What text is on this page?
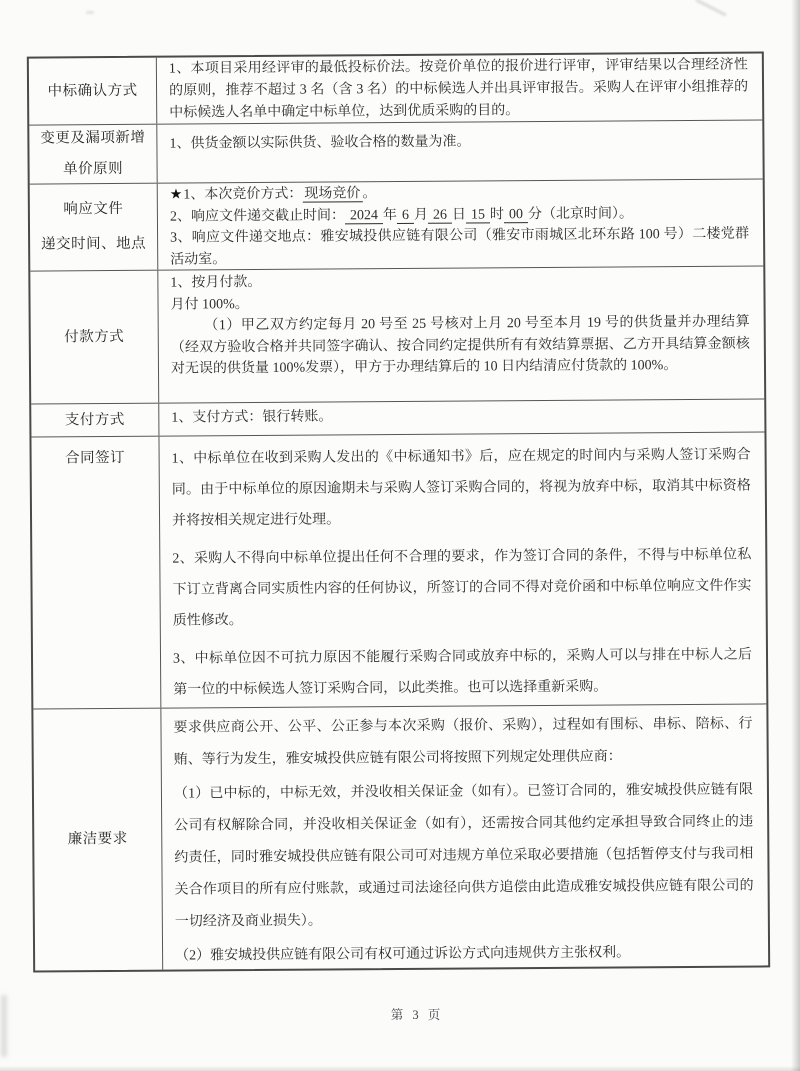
中标确认方式

1、本项目采用经评审的最低投标价法。按竞价单位的报价进行评审，评审结果以合理经济性的原则，推荐不超过 3 名（含 3 名）的中标候选人并出具评审报告。采购人在评审小组推荐的中标候选人名单中确定中标单位，达到优质采购的目的。

变更及漏项新增

单价原则

1、供货金额以实际供货、验收合格的数量为准。

响应文件

递交时间、地点

★1、本次竞价方式： 现场竞价 。

2、响应文件递交截止时间： 2024 年 6 月 26 日 15 时 00 分（北京时间）。

3、响应文件递交地点：雅安城投供应链有限公司（雅安市雨城区北环东路 100 号）二楼党群活动室。

付款方式

1、按月付款。

月付 100%。

（1）甲乙双方约定每月 20 号至 25 号核对上月 20 号至本月 19 号的供货量并办理结算（经双方验收合格并共同签字确认、按合同约定提供所有有效结算票据、乙方开具结算金额核对无误的供货量 100%发票），甲方于办理结算后的 10 日内结清应付货款的 100%。

支付方式	1、支付方式：银行转账。

合同签订	1、中标单位在收到采购人发出的《中标通知书》后，应在规定的时间内与采购人签订采购合同。由于中标单位的原因逾期未与采购人签订采购合同的，将视为放弃中标，取消其中标资格并将按相关规定进行处理。

2、采购人不得向中标单位提出任何不合理的要求，作为签订合同的条件，不得与中标单位私下订立背离合同实质性内容的任何协议，所签订的合同不得对竞价函和中标单位响应文件作实质性修改。

3、中标单位因不可抗力原因不能履行采购合同或放弃中标的，采购人可以与排在中标人之后第一位的中标候选人签订采购合同，以此类推。也可以选择重新采购。

廉洁要求

要求供应商公开、公平、公正参与本次采购（报价、采购），过程如有围标、串标、陪标、行贿、等行为发生，雅安城投供应链有限公司将按照下列规定处理供应商：

（1）已中标的，中标无效，并没收相关保证金（如有）。已签订合同的，雅安城投供应链有限公司有权解除合同，并没收相关保证金（如有），还需按合同其他约定承担导致合同终止的违约责任，同时雅安城投供应链有限公司可对违规方单位采取必要措施（包括暂停支付与我司相关合作项目的所有应付账款，或通过司法途径向供方追偿由此造成雅安城投供应链有限公司的一切经济及商业损失）。

（2）雅安城投供应链有限公司有权可通过诉讼方式向违规供方主张权利。

第 3 页
